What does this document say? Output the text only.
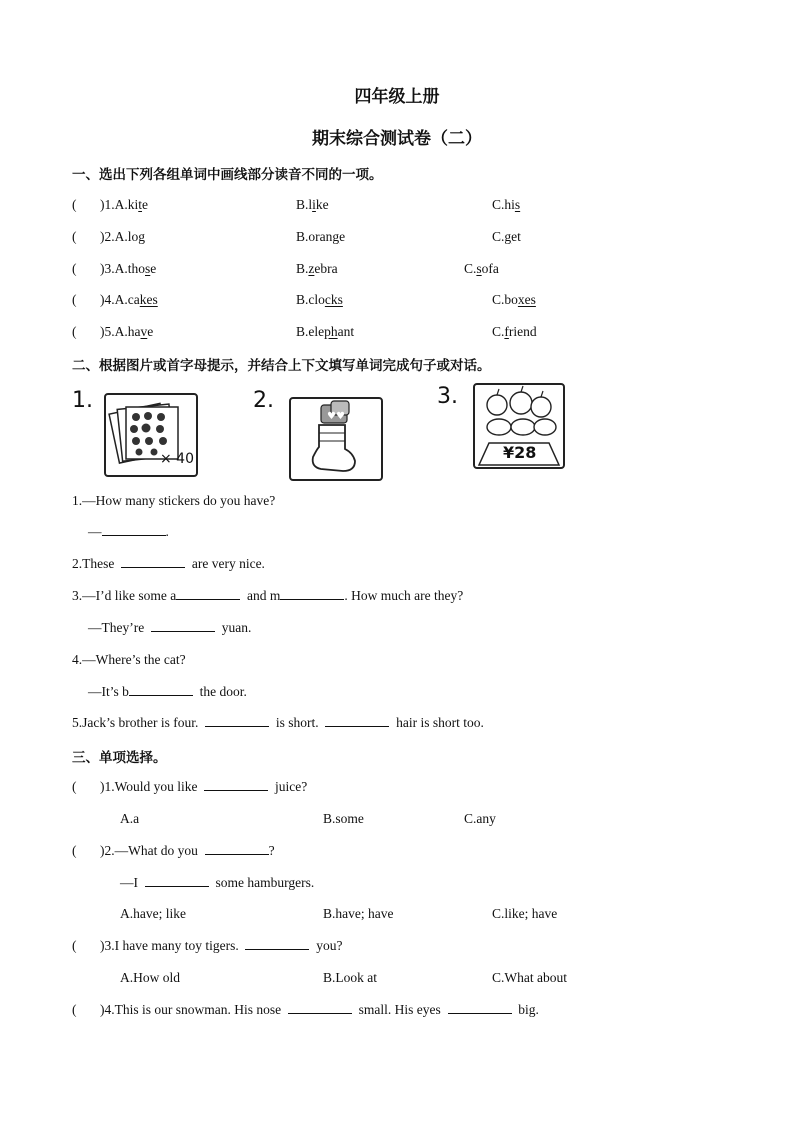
四年级上册
期末综合测试卷（二）
一、选出下列各组单词中画线部分读音不同的一项。
( )1.A.kite	B.like	C.his
( )2.A.log	B.orange	C.get
( )3.A.those	B.zebra	C.sofa
( )4.A.cakes	B.clocks	C.boxes
( )5.A.have	B.elephant	C.friend
二、根据图片或首字母提示，并结合上下文填写单词完成句子或对话。
1.
× 40
2.
♥♥
3.
¥28
1.—How many stickers do you have?
—	.
2.These	are very nice.
3.—I’d like some a	and m	. How much are they?
—They’re	yuan.
4.—Where’s the cat?
—It’s b	the door.
5.Jack’s brother is four.	is short.	hair is short too.
三、单项选择。
( )1.Would you like	juice?
A.a	B.some	C.any
( )2.—What do you	?
—I	some hamburgers.
A.have; like	B.have; have	C.like; have
( )3.I have many toy tigers.	you?
A.How old	B.Look at	C.What about
( )4.This is our snowman. His nose	small. His eyes	big.
